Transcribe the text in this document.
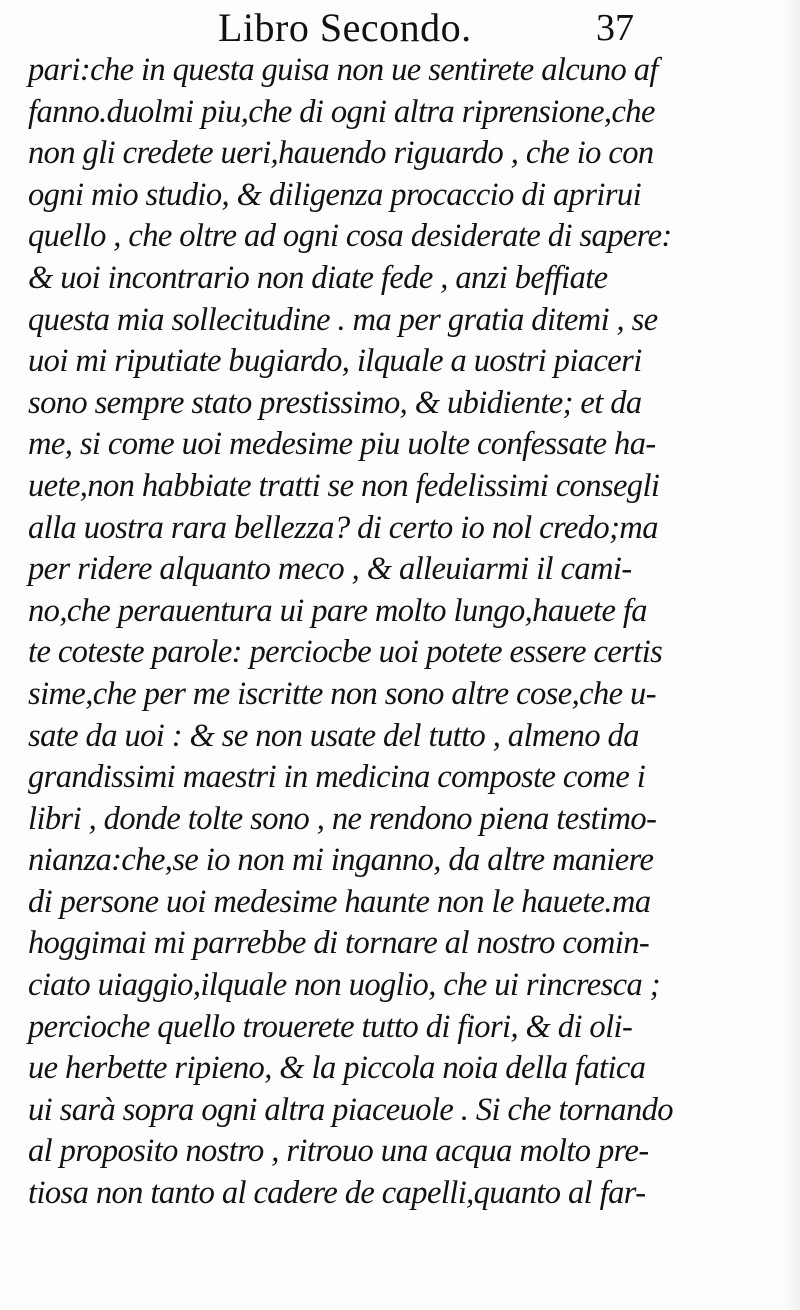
Libro Secondo.	37
pari:che in questa guisa non ue sentirete alcuno af
fanno.duolmi piu,che di ogni altra riprensione,che
non gli credete ueri,hauendo riguardo , che io con
ogni mio studio, & diligenza procaccio di aprirui
quello , che oltre ad ogni cosa desiderate di sapere:
& uoi incontrario non diate fede , anzi beffiate
questa mia sollecitudine . ma per gratia ditemi , se
uoi mi riputiate bugiardo, ilquale a uostri piaceri
sono sempre stato prestissimo, & ubidiente; et da
me, si come uoi medesime piu uolte confessate ha-
uete,non habbiate tratti se non fedelissimi consegli
alla uostra rara bellezza? di certo io nol credo;ma
per ridere alquanto meco , & alleuiarmi il cami-
no,che perauentura ui pare molto lungo,hauete fa
te coteste parole: perciocbe uoi potete essere certis
sime,che per me iscritte non sono altre cose,che u-
sate da uoi : & se non usate del tutto , almeno da
grandissimi maestri in medicina composte come i
libri , donde tolte sono , ne rendono piena testimo-
nianza:che,se io non mi inganno, da altre maniere
di persone uoi medesime haunte non le hauete.ma
hoggimai mi parrebbe di tornare al nostro comin-
ciato uiaggio,ilquale non uoglio, che ui rincresca ;
percioche quello trouerete tutto di fiori, & di oli-
ue herbette ripieno, & la piccola noia della fatica
ui sarà sopra ogni altra piaceuole . Si che tornando
al proposito nostro , ritrouo una acqua molto pre-
tiosa non tanto al cadere de capelli,quanto al far-
